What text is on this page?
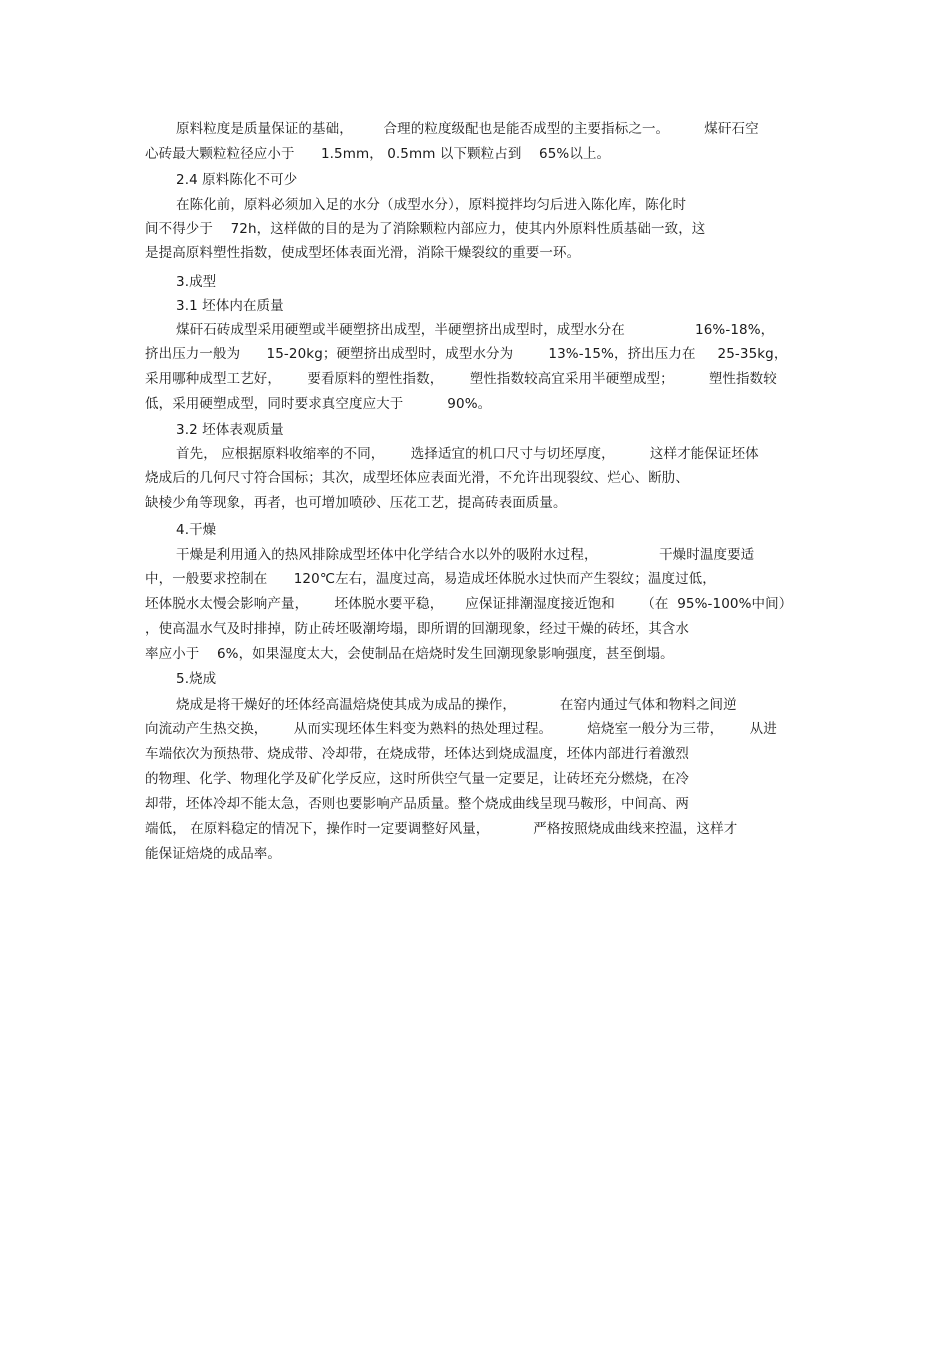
原料粒度是质量保证的基础，       合理的粒度级配也是能否成型的主要指标之一。        煤矸石空
心砖最大颗粒粒径应小于      1.5mm， 0.5mm 以下颗粒占到    65%以上。
2.4 原料陈化不可少
在陈化前，原料必须加入足的水分（成型水分），原料搅拌均匀后进入陈化库，陈化时
间不得少于    72h，这样做的目的是为了消除颗粒内部应力，使其内外原料性质基础一致，这
是提高原料塑性指数，使成型坯体表面光滑，消除干燥裂纹的重要一环。
3.成型
3.1 坯体内在质量
煤矸石砖成型采用硬塑或半硬塑挤出成型，半硬塑挤出成型时，成型水分在                16%-18%，
挤出压力一般为      15-20kg；硬塑挤出成型时，成型水分为        13%-15%，挤出压力在     25-35kg，
采用哪种成型工艺好，      要看原料的塑性指数，      塑性指数较高宜采用半硬塑成型；        塑性指数较
低，采用硬塑成型，同时要求真空度应大于          90%。
3.2 坯体表观质量
首先， 应根据原料收缩率的不同，      选择适宜的机口尺寸与切坯厚度，        这样才能保证坯体
烧成后的几何尺寸符合国标；其次，成型坯体应表面光滑，不允许出现裂纹、烂心、断肋、
缺棱少角等现象，再者，也可增加喷砂、压花工艺，提高砖表面质量。
4.干燥
干燥是利用通入的热风排除成型坯体中化学结合水以外的吸附水过程，              干燥时温度要适
中，一般要求控制在      120℃左右，温度过高，易造成坯体脱水过快而产生裂纹；温度过低，
坯体脱水太慢会影响产量，      坯体脱水要平稳，     应保证排潮湿度接近饱和      （在  95%-100%中间）
，使高温水气及时排掉，防止砖坯吸潮垮塌，即所谓的回潮现象，经过干燥的砖坯，其含水
率应小于    6%，如果湿度太大，会使制品在焙烧时发生回潮现象影响强度，甚至倒塌。
5.烧成
烧成是将干燥好的坯体经高温焙烧使其成为成品的操作，          在窑内通过气体和物料之间逆
向流动产生热交换，      从而实现坯体生料变为熟料的热处理过程。        焙烧室一般分为三带，      从进
车端依次为预热带、烧成带、冷却带，在烧成带，坯体达到烧成温度，坯体内部进行着激烈
的物理、化学、物理化学及矿化学反应，这时所供空气量一定要足，让砖坯充分燃烧，在冷
却带，坯体冷却不能太急，否则也要影响产品质量。整个烧成曲线呈现马鞍形，中间高、两
端低， 在原料稳定的情况下，操作时一定要调整好风量，          严格按照烧成曲线来控温，这样才
能保证焙烧的成品率。
